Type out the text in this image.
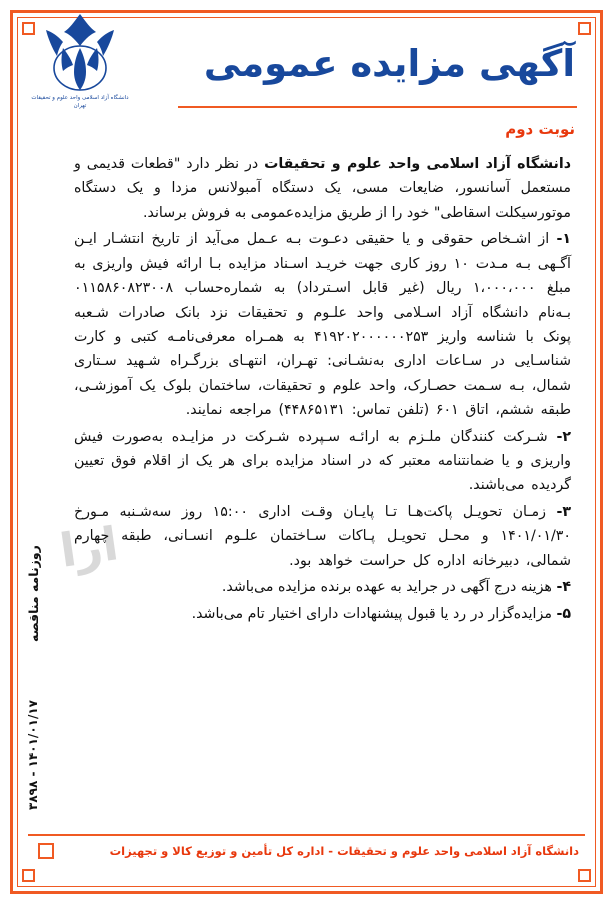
آگهی مزایده عمومی
نوبت دوم
دانشگاه آزاد اسلامی واحد علوم و تحقیقات تهران
ارا

دانشگاه آزاد اسلامی واحد علوم و تحقیقات در نظر دارد "قطعات قدیمی و مستعمل آسانسور، ضایعات مسی، یک دستگاه آمبولانس مزدا و یک دستگاه موتورسیکلت اسقاطی" خود را از طریق مزایده‌عمومی به فروش برساند.

۱- از اشـخاص حقوقی و یا حقیقی دعـوت بـه عـمل می‌آید از تاریخ انتشـار ایـن آگـهی بـه مـدت ۱۰ روز کاری جهت خریـد اسـناد مزایده بـا ارائه فیش واریزی به مبلغ ۱،۰۰۰،۰۰۰ ریال (غیر قابل اسـترداد) به شماره‌حساب ۰۱۱۵۸۶۰۸۲۳۰۰۸ بـه‌نام دانشگاه آزاد اسـلامی واحد علـوم و تحقیقات نزد بانک صادرات شـعبه پونک با شناسه واریز ۴۱۹۲۰۲۰۰۰۰۰۰۲۵۳ به همـراه معرفی‌نامـه کتبی و کارت شناسـایی در سـاعات اداری به‌نشـانی: تهـران، انتهـای بزرگـراه شـهید سـتاری شمال، بـه سـمت حصـارک، واحد علوم و تحقیقات، ساختمان بلوک یک آموزشـی، طبقه ششم، اتاق ۶۰۱ (تلفن تماس: ۴۴۸۶۵۱۳۱) مراجعه نمایند.

۲- شـرکت کنندگان ملـزم به ارائـه سـپرده شـرکت در مزایـده به‌صورت فیش واریزی و یا ضمانتنامه معتبر که در اسناد مزایده برای هر یک از اقلام فوق تعیین گردیده می‌باشند.

۳- زمـان تحویـل پاکت‌هـا تـا پایـان وقـت اداری ۱۵:۰۰ روز سه‌شـنبه مـورخ ۱۴۰۱/۰۱/۳۰ و محـل تحویـل پـاکات سـاختمان علـوم انسـانی، طبقه چهارم شمالی، دبیرخانه اداره کل حراست خواهد بود.

۴- هزینه درج آگهی در جراید به عهده برنده مزایده می‌باشد.

۵- مزایده‌گزار در رد یا قبول پیشنهادات دارای اختیار تام می‌باشد.

روزنامه مناقصه
۱۴۰۱/۰۱/۱۷ - ۳۸۹۸
دانشگاه آزاد اسلامی واحد علوم و تحقیقات - اداره کل تأمین و توزیع کالا و تجهیزات
